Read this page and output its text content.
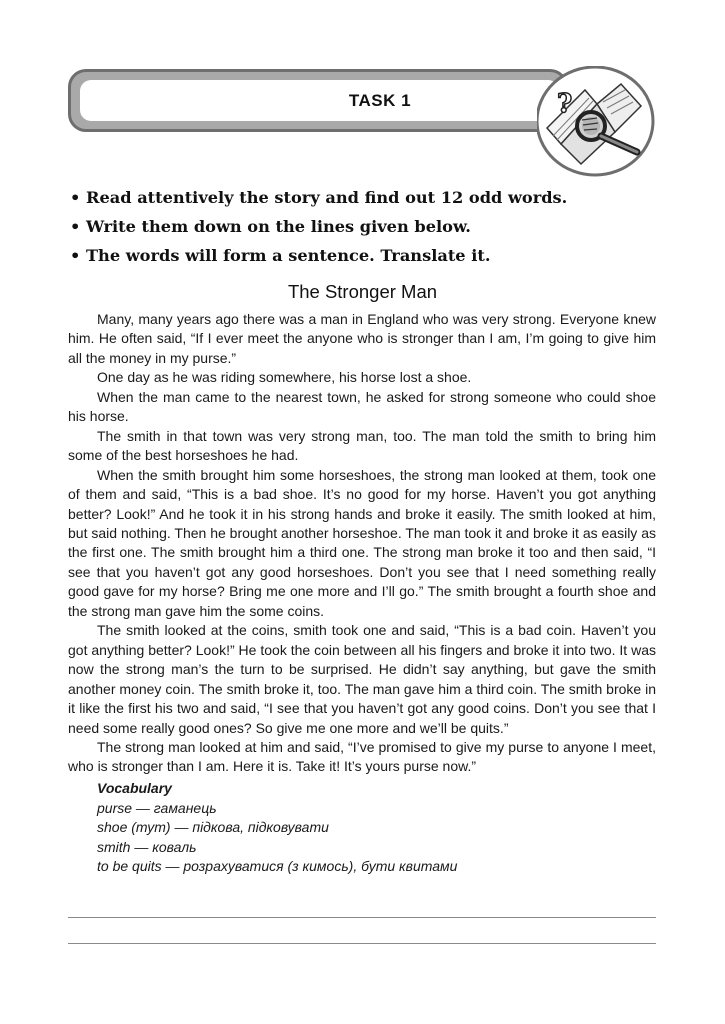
TASK 1	?
• Read attentively the story and find out 12 odd words.
• Write them down on the lines given below.
• The words will form a sentence. Translate it.
The Stronger Man

Many, many years ago there was a man in England who was very strong. Everyone knew him. He often said, “If I ever meet the anyone who is stronger than I am, I’m going to give him all the money in my purse.”

One day as he was riding somewhere, his horse lost a shoe.

When the man came to the nearest town, he asked for strong someone who could shoe his horse.

The smith in that town was very strong man, too. The man told the smith to bring him some of the best horseshoes he had.

When the smith brought him some horseshoes, the strong man looked at them, took one of them and said, “This is a bad shoe. It’s no good for my horse. Haven’t you got anything better? Look!” And he took it in his strong hands and broke it easily. The smith looked at him, but said nothing. Then he brought another horseshoe. The man took it and broke it as easily as the first one. The smith brought him a third one. The strong man broke it too and then said, “I see that you haven’t got any good horseshoes. Don’t you see that I need something really good gave for my horse? Bring me one more and I’ll go.” The smith brought a fourth shoe and the strong man gave him the some coins.

The smith looked at the coins, smith took one and said, “This is a bad coin. Haven’t you got anything better? Look!” He took the coin between all his fingers and broke it into two. It was now the strong man’s the turn to be surprised. He didn’t say anything, but gave the smith another money coin. The smith broke it, too. The man gave him a third coin. The smith broke in it like the first his two and said, “I see that you haven’t got any good coins. Don’t you see that I need some really good ones? So give me one more and we’ll be quits.”

The strong man looked at him and said, “I’ve promised to give my purse to anyone I meet, who is stronger than I am. Here it is. Take it! It’s yours purse now.”

Vocabulary
purse — гаманець
shoe (тут) — підкова, підковувати
smith — коваль
to be quits — розрахуватися (з кимось), бути квитами
